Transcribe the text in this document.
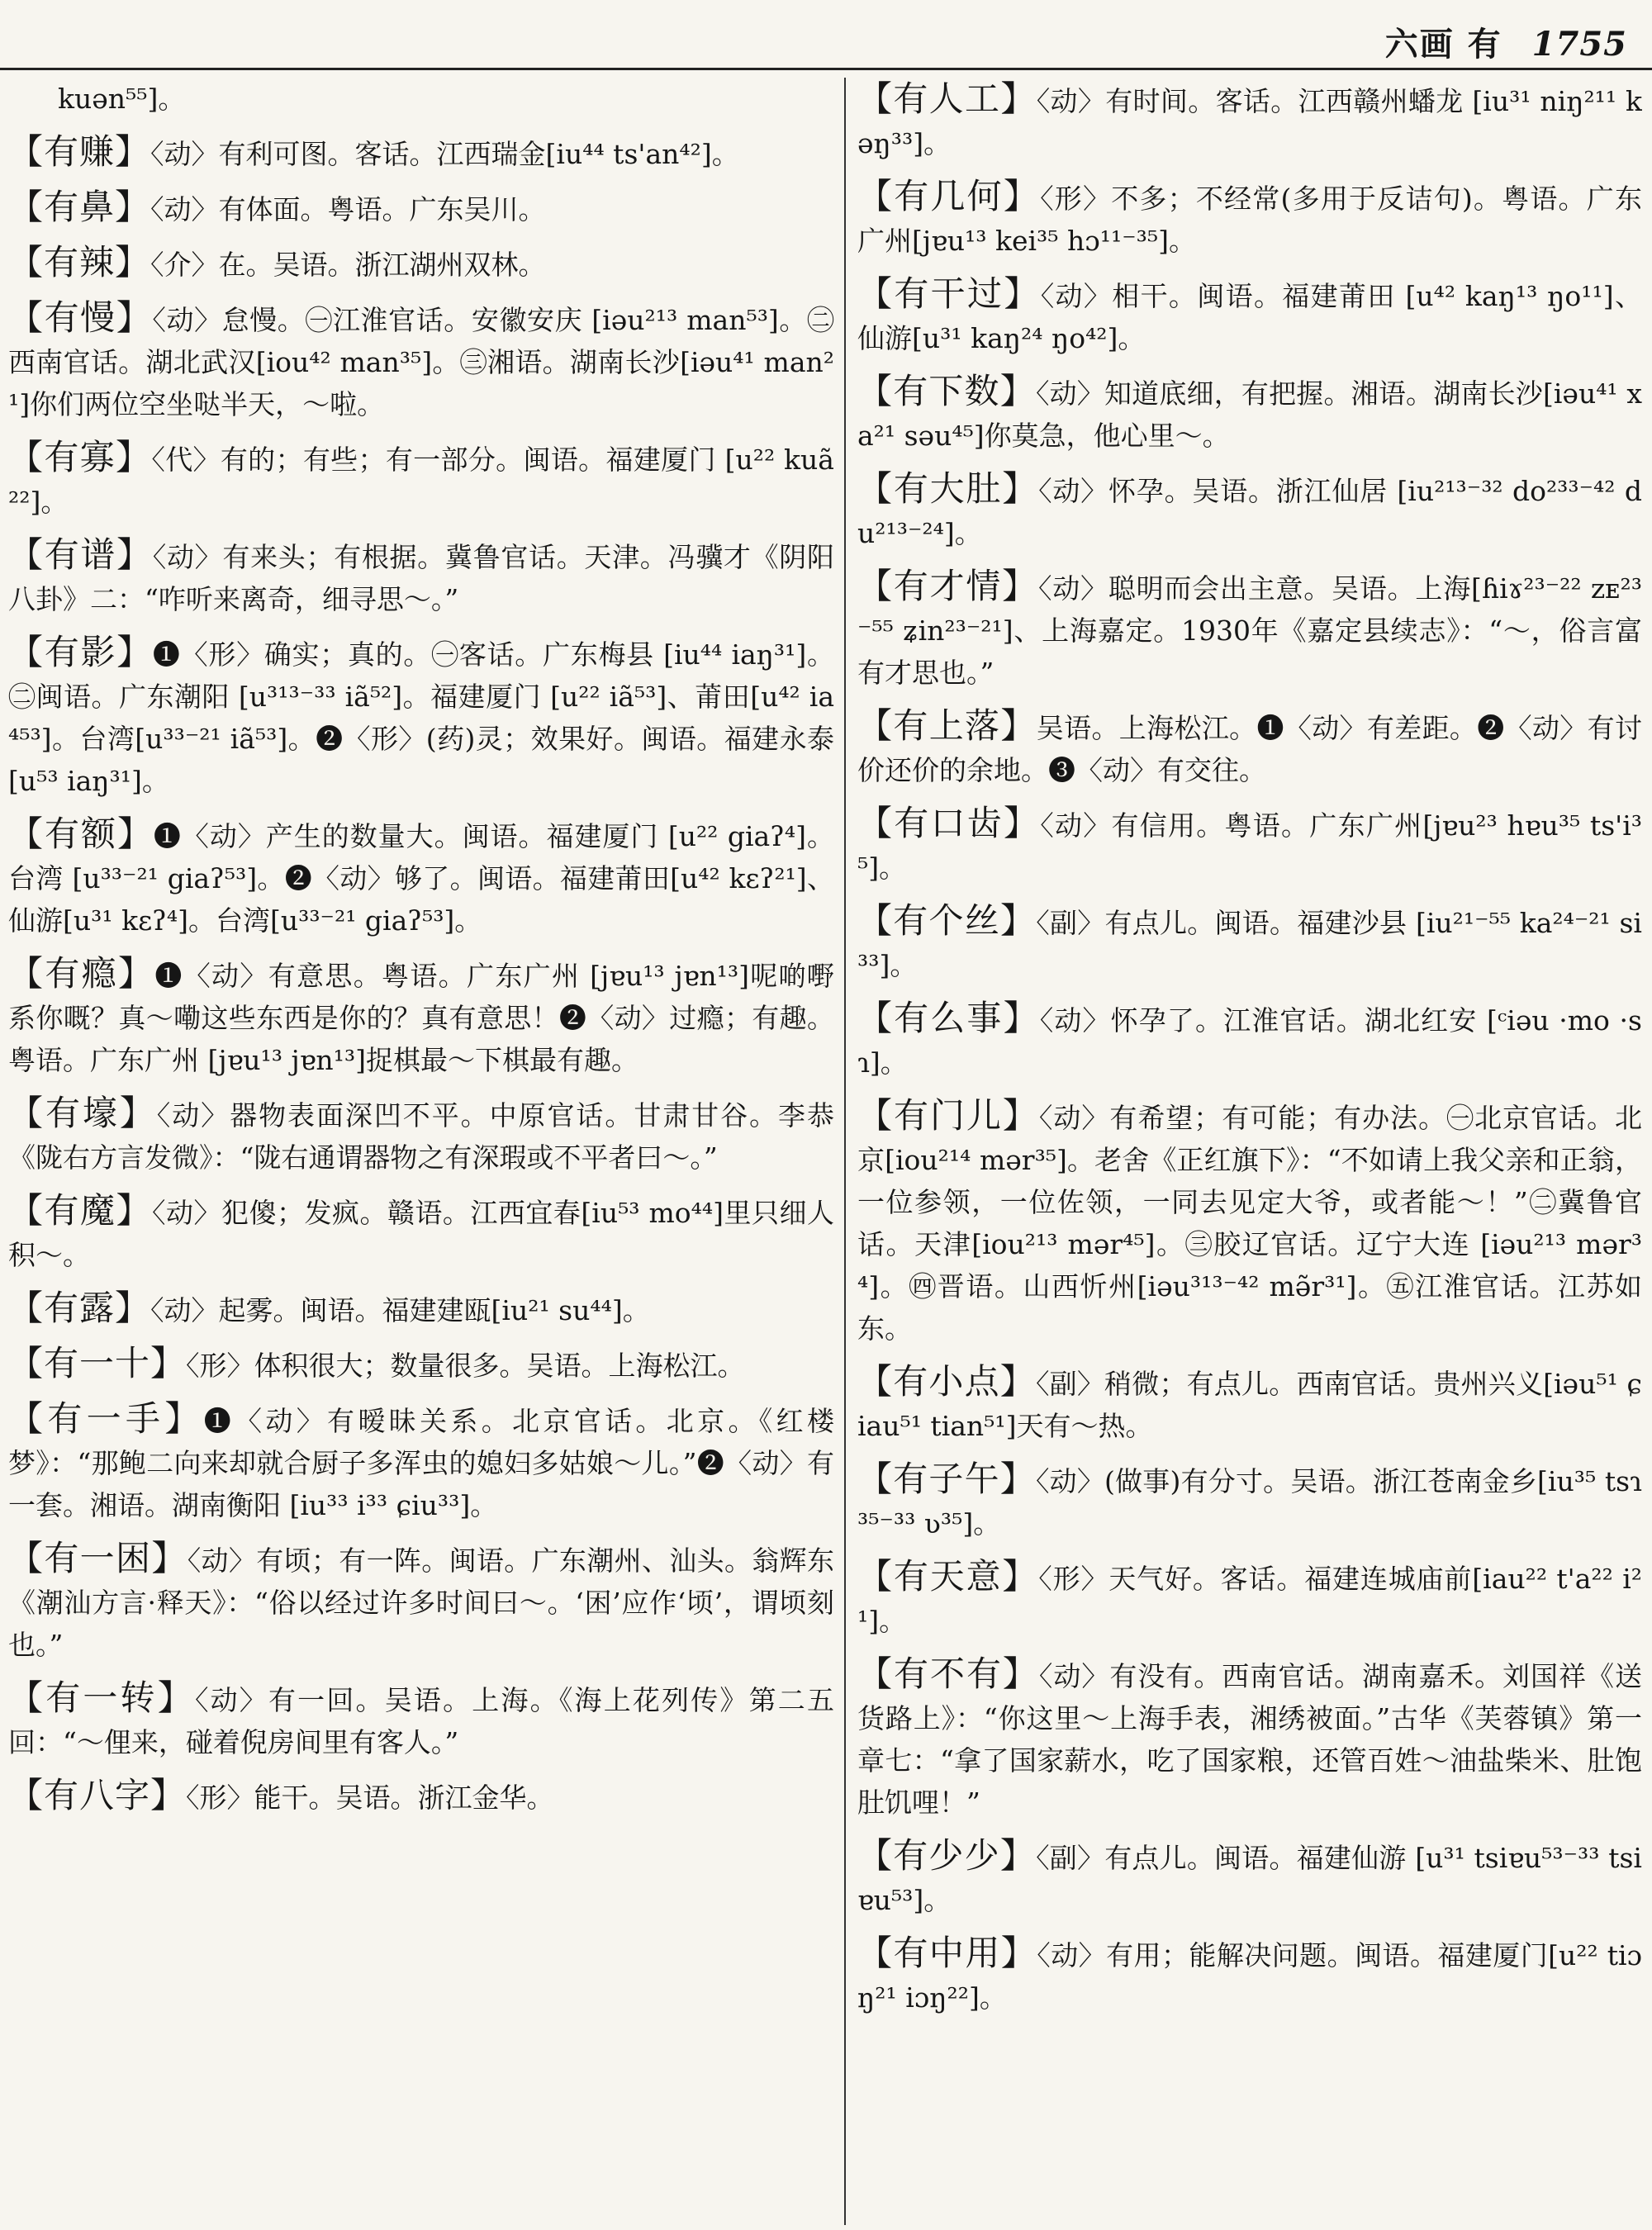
六画 有 1755
kuən⁵⁵]。
【有赚】〈动〉有利可图。客话。江西瑞金[iu⁴⁴ ts'an⁴²]。
【有鼻】〈动〉有体面。粤语。广东吴川。
【有辣】〈介〉在。吴语。浙江湖州双林。
【有慢】〈动〉怠慢。㊀江淮官话。安徽安庆 [iəu²¹³ man⁵³]。㊁西南官话。湖北武汉[iou⁴² man³⁵]。㊂湘语。湖南长沙[iəu⁴¹ man²¹]你们两位空坐哒半天，～啦。
【有寡】〈代〉有的；有些；有一部分。闽语。福建厦门 [u²² kuã²²]。
【有谱】〈动〉有来头；有根据。冀鲁官话。天津。冯骥才《阴阳八卦》二：“咋听来离奇，细寻思～。”
【有影】❶〈形〉确实；真的。㊀客话。广东梅县 [iu⁴⁴ iaŋ³¹]。㊁闽语。广东潮阳 [u³¹³⁻³³ iã⁵²]。福建厦门 [u²² iã⁵³]、莆田[u⁴² ia⁴⁵³]。台湾[u³³⁻²¹ iã⁵³]。❷〈形〉(药)灵；效果好。闽语。福建永泰[u⁵³ iaŋ³¹]。
【有额】❶〈动〉产生的数量大。闽语。福建厦门 [u²² giaʔ⁴]。台湾 [u³³⁻²¹ giaʔ⁵³]。❷〈动〉够了。闽语。福建莆田[u⁴² kɛʔ²¹]、仙游[u³¹ kɛʔ⁴]。台湾[u³³⁻²¹ giaʔ⁵³]。
【有瘾】❶〈动〉有意思。粤语。广东广州 [jɐu¹³ jɐn¹³]呢啲嘢系你嘅？真～嘞这些东西是你的？真有意思！❷〈动〉过瘾；有趣。粤语。广东广州 [jɐu¹³ jɐn¹³]捉棋最～下棋最有趣。
【有壕】〈动〉器物表面深凹不平。中原官话。甘肃甘谷。李恭《陇右方言发微》：“陇右通谓器物之有深瑕或不平者曰～。”
【有魔】〈动〉犯傻；发疯。赣语。江西宜春[iu⁵³ mo⁴⁴]里只细人积～。
【有露】〈动〉起雾。闽语。福建建瓯[iu²¹ su⁴⁴]。
【有一十】〈形〉体积很大；数量很多。吴语。上海松江。
【有一手】❶〈动〉有暧昧关系。北京官话。北京。《红楼梦》：“那鲍二向来却就合厨子多浑虫的媳妇多姑娘～儿。”❷〈动〉有一套。湘语。湖南衡阳 [iu³³ i³³ ɕiu³³]。
【有一困】〈动〉有顷；有一阵。闽语。广东潮州、汕头。翁辉东《潮汕方言·释天》：“俗以经过许多时间曰～。‘困’应作‘顷’，谓顷刻也。”
【有一转】〈动〉有一回。吴语。上海。《海上花列传》第二五回：“～俚来，碰着倪房间里有客人。”
【有八字】〈形〉能干。吴语。浙江金华。
【有人工】〈动〉有时间。客话。江西赣州蟠龙 [iu³¹ niŋ²¹¹ kəŋ³³]。
【有几何】〈形〉不多；不经常(多用于反诘句)。粤语。广东广州[jɐu¹³ kei³⁵ hɔ¹¹⁻³⁵]。
【有干过】〈动〉相干。闽语。福建莆田 [u⁴² kaŋ¹³ ŋo¹¹]、仙游[u³¹ kaŋ²⁴ ŋo⁴²]。
【有下数】〈动〉知道底细，有把握。湘语。湖南长沙[iəu⁴¹ xa²¹ səu⁴⁵]你莫急，他心里～。
【有大肚】〈动〉怀孕。吴语。浙江仙居 [iu²¹³⁻³² do²³³⁻⁴² du²¹³⁻²⁴]。
【有才情】〈动〉聪明而会出主意。吴语。上海[ɦiɤ²³⁻²² zᴇ²³⁻⁵⁵ ʑin²³⁻²¹]、上海嘉定。1930年《嘉定县续志》：“～，俗言富有才思也。”
【有上落】吴语。上海松江。❶〈动〉有差距。❷〈动〉有讨价还价的余地。❸〈动〉有交往。
【有口齿】〈动〉有信用。粤语。广东广州[jɐu²³ hɐu³⁵ ts'i³⁵]。
【有个丝】〈副〉有点儿。闽语。福建沙县 [iu²¹⁻⁵⁵ ka²⁴⁻²¹ si³³]。
【有么事】〈动〉怀孕了。江淮官话。湖北红安 [ᶜiəu ·mo ·sɿ]。
【有门儿】〈动〉有希望；有可能；有办法。㊀北京官话。北京[iou²¹⁴ mər³⁵]。老舍《正红旗下》：“不如请上我父亲和正翁，一位参领，一位佐领，一同去见定大爷，或者能～！”㊁冀鲁官话。天津[iou²¹³ mər⁴⁵]。㊂胶辽官话。辽宁大连 [iəu²¹³ mər³⁴]。㊃晋语。山西忻州[iəu³¹³⁻⁴² mə̃r³¹]。㊄江淮官话。江苏如东。
【有小点】〈副〉稍微；有点儿。西南官话。贵州兴义[iəu⁵¹ ɕiau⁵¹ tian⁵¹]天有～热。
【有子午】〈动〉(做事)有分寸。吴语。浙江苍南金乡[iu³⁵ tsɿ³⁵⁻³³ ʋ³⁵]。
【有天意】〈形〉天气好。客话。福建连城庙前[iau²² t'a²² i²¹]。
【有不有】〈动〉有没有。西南官话。湖南嘉禾。刘国祥《送货路上》：“你这里～上海手表，湘绣被面。”古华《芙蓉镇》第一章七：“拿了国家薪水，吃了国家粮，还管百姓～油盐柴米、肚饱肚饥哩！”
【有少少】〈副〉有点儿。闽语。福建仙游 [u³¹ tsiɐu⁵³⁻³³ tsiɐu⁵³]。
【有中用】〈动〉有用；能解决问题。闽语。福建厦门[u²² tiɔŋ²¹ iɔŋ²²]。
